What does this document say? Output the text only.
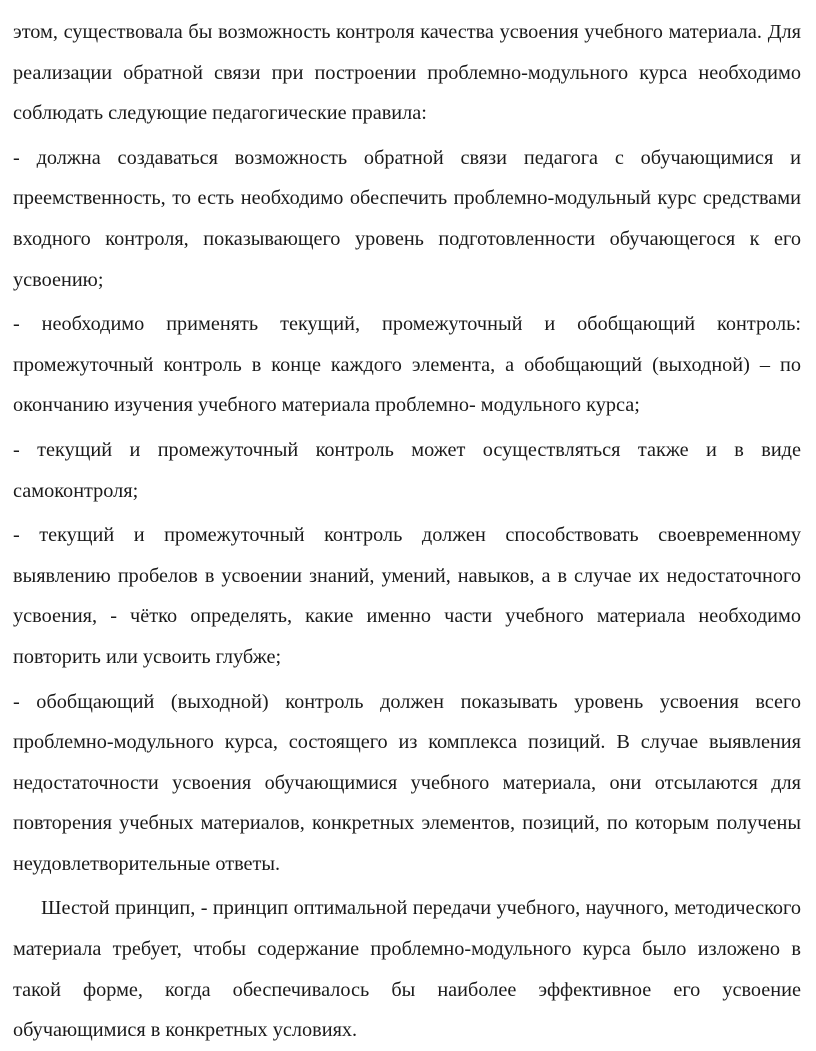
этом, существовала бы возможность контроля качества усвоения учебного материала. Для реализации обратной связи при построении проблемно-модульного курса необходимо соблюдать следующие педагогические правила:

- должна создаваться возможность обратной связи педагога с обучающимися и преемственность, то есть необходимо обеспечить проблемно-модульный курс средствами входного контроля, показывающего уровень подготовленности обучающегося к его усвоению;

- необходимо применять текущий, промежуточный и обобщающий контроль: промежуточный контроль в конце каждого элемента, а обобщающий (выходной) – по окончанию изучения учебного материала проблемно- модульного курса;

- текущий и промежуточный контроль может осуществляться также и в виде самоконтроля;

- текущий и промежуточный контроль должен способствовать своевременному выявлению пробелов в усвоении знаний, умений, навыков, а в случае их недостаточного усвоения, - чётко определять, какие именно части учебного материала необходимо повторить или усвоить глубже;

- обобщающий (выходной) контроль должен показывать уровень усвоения всего проблемно-модульного курса, состоящего из комплекса позиций. В случае выявления недостаточности усвоения обучающимися учебного материала, они отсылаются для повторения учебных материалов, конкретных элементов, позиций, по которым получены неудовлетворительные ответы.

Шестой принцип, - принцип оптимальной передачи учебного, научного, методического материала требует, чтобы содержание проблемно-модульного курса было изложено в такой форме, когда обеспечивалось бы наиболее эффективное его усвоение обучающимися в конкретных условиях.
